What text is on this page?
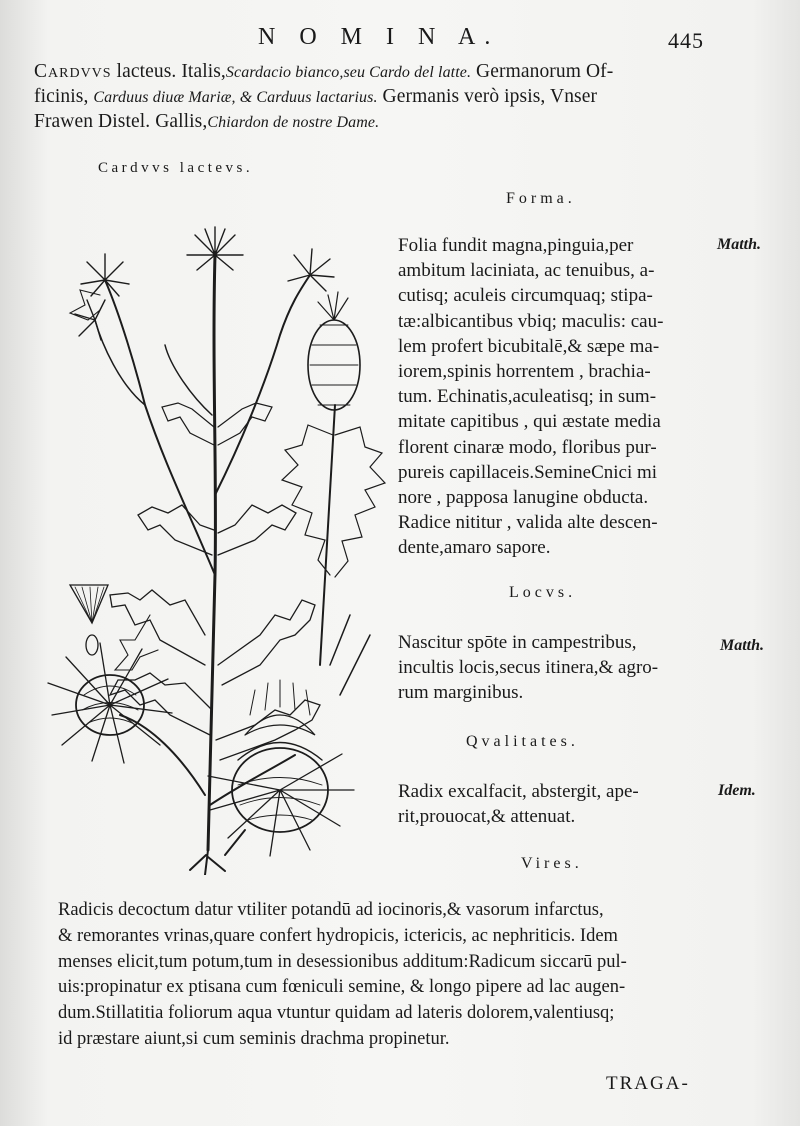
N O M I N A.	445
Cardvvs lacteus. Italis,Scardacio bianco,seu Cardo del latte. Germanorum Of-
ficinis, Carduus diuæ Mariæ, & Carduus lactarius. Germanis verò ipsis, Vnser
Frawen Distel. Gallis,Chiardon de nostre Dame.
Cardvvs lactevs.
Forma.
Folia fundit magna,pinguia,per
ambitum laciniata, ac tenuibus, a-
cutisq; aculeis circumquaq; stipa-
tæ:albicantibus vbiq; maculis: cau-
lem profert bicubitalē,& sæpe ma-
iorem,spinis horrentem , brachia-
tum. Echinatis,aculeatisq; in sum-
mitate capitibus , qui æstate media
florent cinaræ modo, floribus pur-
pureis capillaceis.SemineCnici mi
nore , papposa lanugine obducta.
Radice nititur , valida alte descen-
dente,amaro sapore.
Matth.
Locvs.
Nascitur spōte in campestribus,
incultis locis,secus itinera,& agro-
rum marginibus.
Matth.
Qvalitates.
Radix excalfacit, abstergit, ape-
rit,prouocat,& attenuat.
Idem.
Vires.
Radicis decoctum datur vtiliter potandū ad iocinoris,& vasorum infarctus,
& remorantes vrinas,quare confert hydropicis, ictericis, ac nephriticis. Idem
menses elicit,tum potum,tum in desessionibus additum:Radicum siccarū pul-
uis:propinatur ex ptisana cum fœniculi semine, & longo pipere ad lac augen-
dum.Stillatitia foliorum aqua vtuntur quidam ad lateris dolorem,valentiusq;
id præstare aiunt,si cum seminis drachma propinetur.
TRAGA-
